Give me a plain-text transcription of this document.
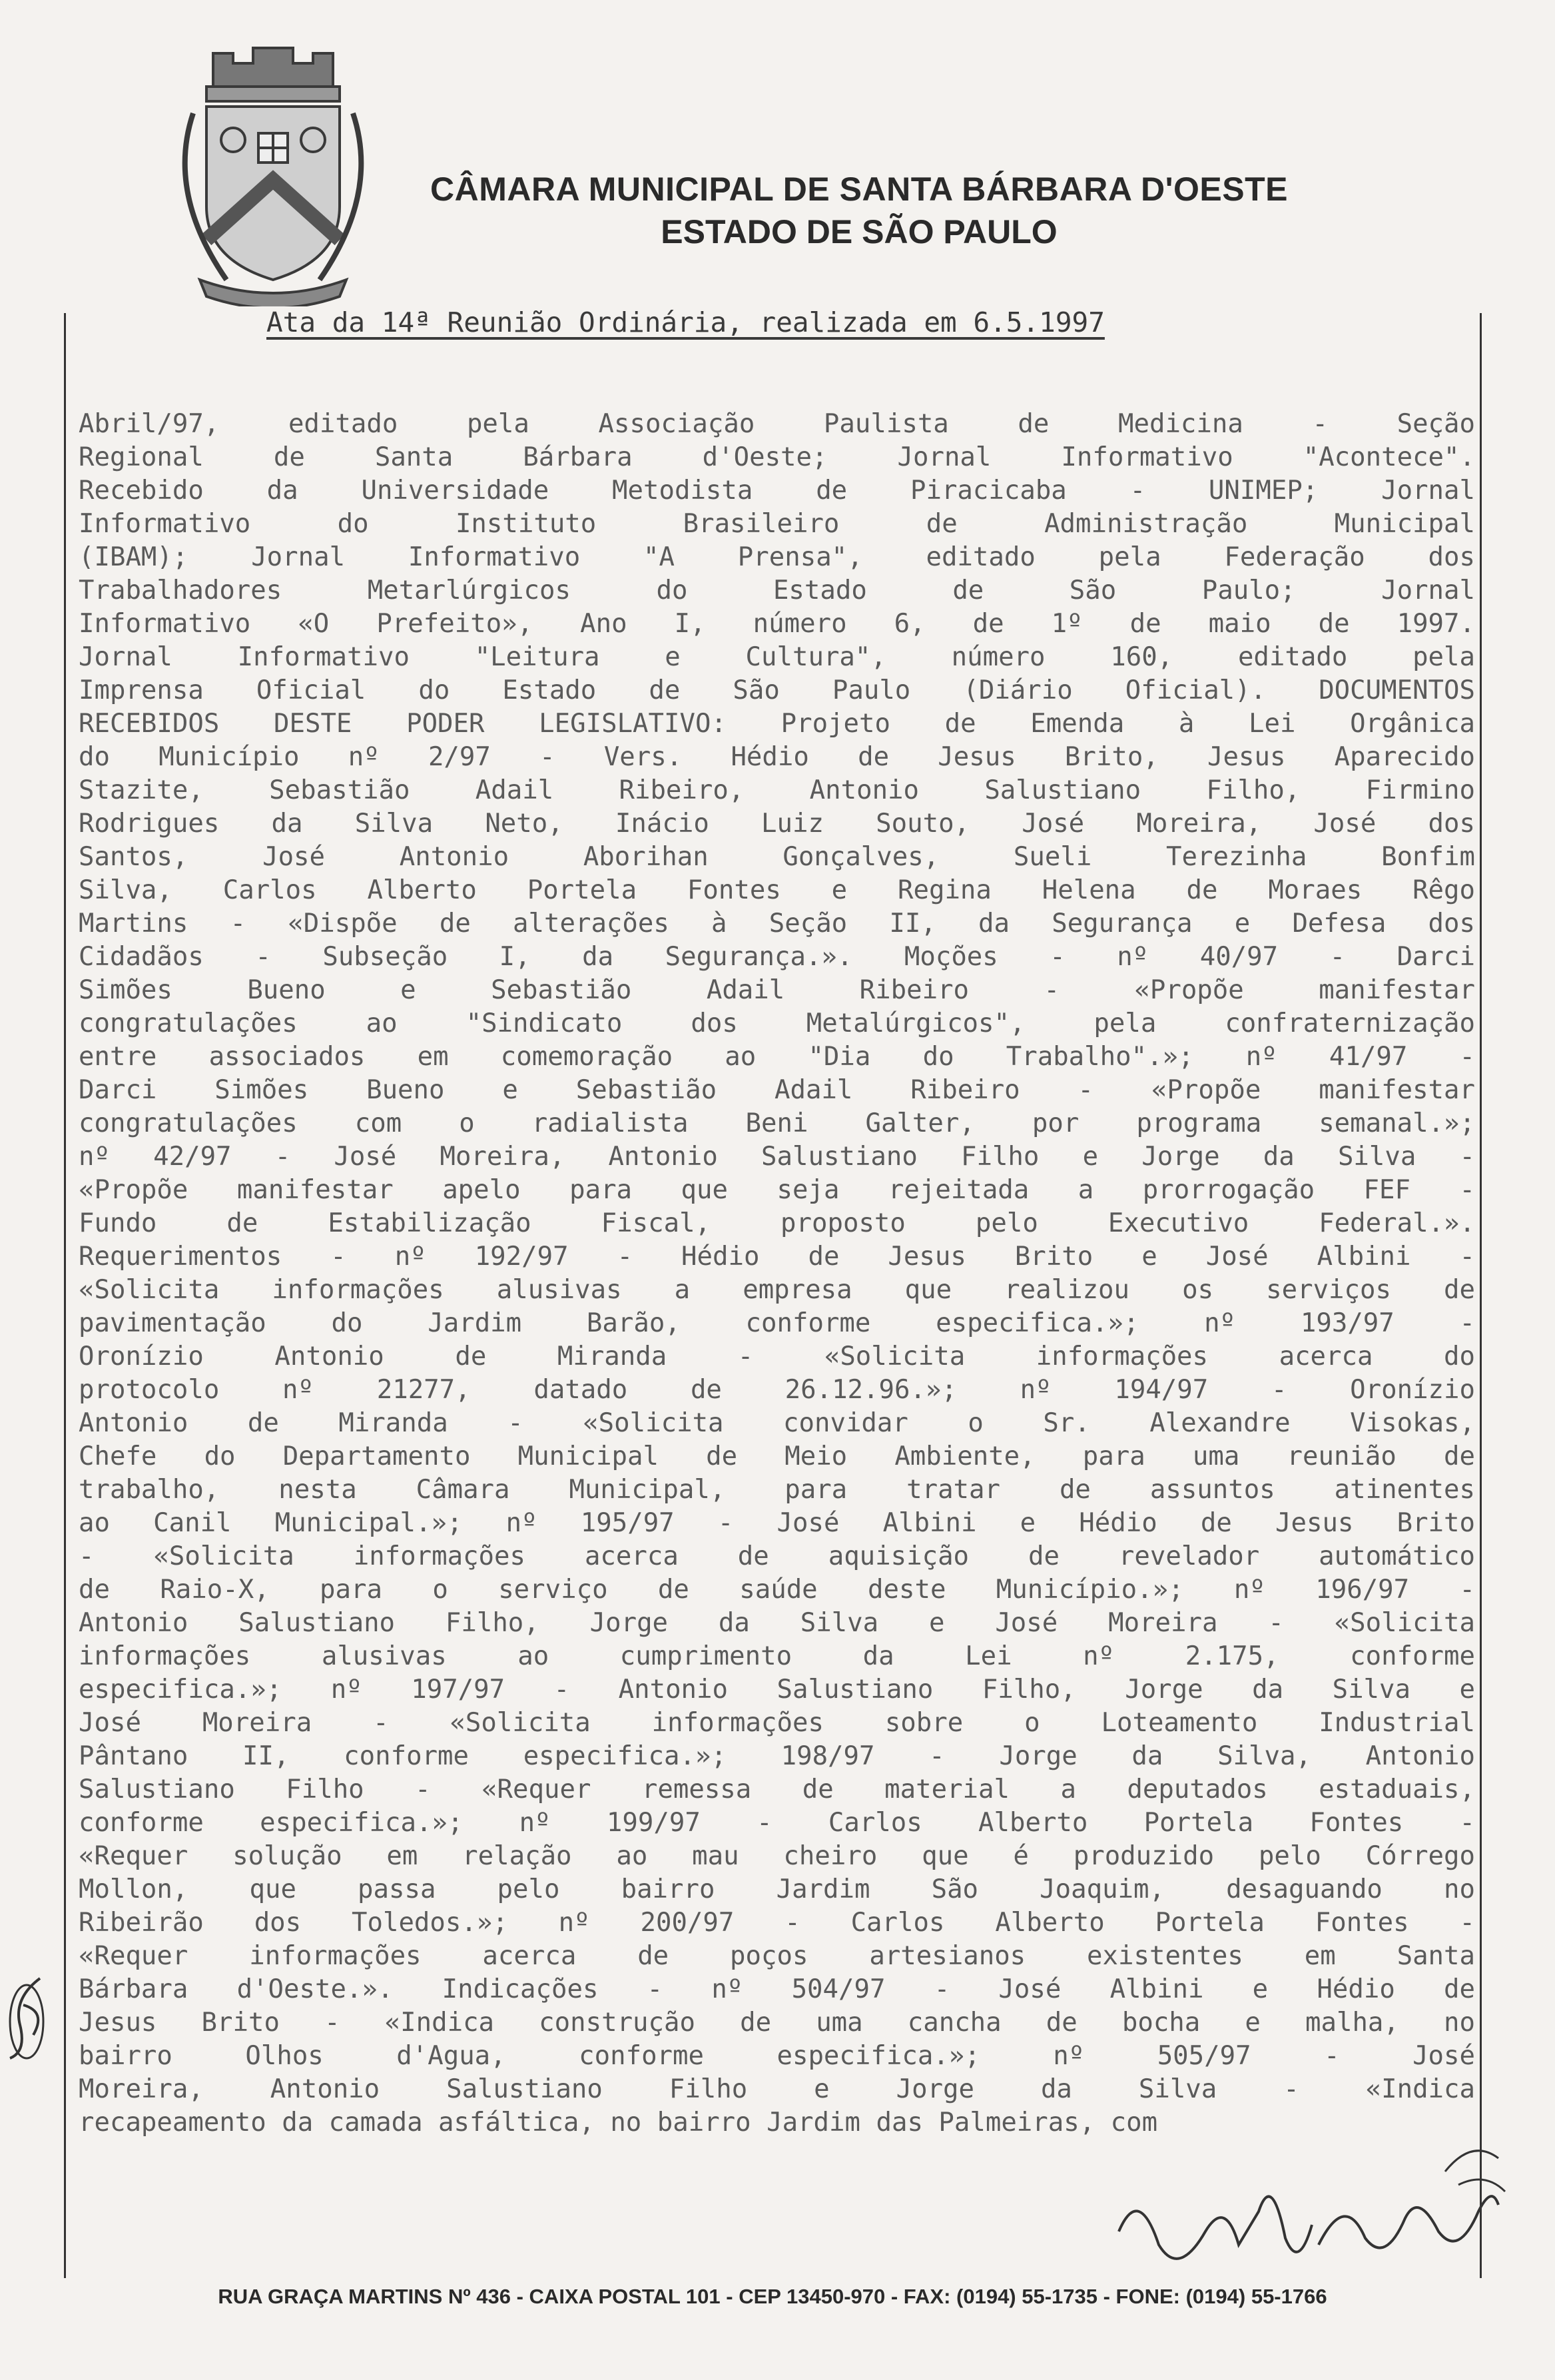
CÂMARA MUNICIPAL DE SANTA BÁRBARA D'OESTE
ESTADO DE SÃO PAULO
Ata da 14ª Reunião Ordinária, realizada em 6.5.1997
Abril/97, editado pela Associação Paulista de Medicina - Seção
Regional de Santa Bárbara d'Oeste; Jornal Informativo "Acontece".
Recebido da Universidade Metodista de Piracicaba - UNIMEP; Jornal
Informativo do Instituto Brasileiro de Administração Municipal
(IBAM); Jornal Informativo "A Prensa", editado pela Federação dos
Trabalhadores Metarlúrgicos do Estado de São Paulo; Jornal
Informativo «O Prefeito», Ano I, número 6, de 1º de maio de 1997.
Jornal Informativo "Leitura e Cultura", número 160, editado pela
Imprensa Oficial do Estado de São Paulo (Diário Oficial). DOCUMENTOS
RECEBIDOS DESTE PODER LEGISLATIVO: Projeto de Emenda à Lei Orgânica
do Município nº 2/97 - Vers. Hédio de Jesus Brito, Jesus Aparecido
Stazite, Sebastião Adail Ribeiro, Antonio Salustiano Filho, Firmino
Rodrigues da Silva Neto, Inácio Luiz Souto, José Moreira, José dos
Santos, José Antonio Aborihan Gonçalves, Sueli Terezinha Bonfim
Silva, Carlos Alberto Portela Fontes e Regina Helena de Moraes Rêgo
Martins - «Dispõe de alterações à Seção II, da Segurança e Defesa dos
Cidadãos - Subseção I, da Segurança.». Moções - nº 40/97 - Darci
Simões Bueno e Sebastião Adail Ribeiro - «Propõe manifestar
congratulações ao "Sindicato dos Metalúrgicos", pela confraternização
entre associados em comemoração ao "Dia do Trabalho".»; nº 41/97 -
Darci Simões Bueno e Sebastião Adail Ribeiro - «Propõe manifestar
congratulações com o radialista Beni Galter, por programa semanal.»;
nº 42/97 - José Moreira, Antonio Salustiano Filho e Jorge da Silva -
«Propõe manifestar apelo para que seja rejeitada a prorrogação FEF -
Fundo de Estabilização Fiscal, proposto pelo Executivo Federal.».
Requerimentos - nº 192/97 - Hédio de Jesus Brito e José Albini -
«Solicita informações alusivas a empresa que realizou os serviços de
pavimentação do Jardim Barão, conforme especifica.»; nº 193/97 -
Oronízio Antonio de Miranda - «Solicita informações acerca do
protocolo nº 21277, datado de 26.12.96.»; nº 194/97 - Oronízio
Antonio de Miranda - «Solicita convidar o Sr. Alexandre Visokas,
Chefe do Departamento Municipal de Meio Ambiente, para uma reunião de
trabalho, nesta Câmara Municipal, para tratar de assuntos atinentes
ao Canil Municipal.»; nº 195/97 - José Albini e Hédio de Jesus Brito
- «Solicita informações acerca de aquisição de revelador automático
de Raio-X, para o serviço de saúde deste Município.»; nº 196/97 -
Antonio Salustiano Filho, Jorge da Silva e José Moreira - «Solicita
informações alusivas ao cumprimento da Lei nº 2.175, conforme
especifica.»; nº 197/97 - Antonio Salustiano Filho, Jorge da Silva e
José Moreira - «Solicita informações sobre o Loteamento Industrial
Pântano II, conforme especifica.»; 198/97 - Jorge da Silva, Antonio
Salustiano Filho - «Requer remessa de material a deputados estaduais,
conforme especifica.»; nº 199/97 - Carlos Alberto Portela Fontes -
«Requer solução em relação ao mau cheiro que é produzido pelo Córrego
Mollon, que passa pelo bairro Jardim São Joaquim, desaguando no
Ribeirão dos Toledos.»; nº 200/97 - Carlos Alberto Portela Fontes -
«Requer informações acerca de poços artesianos existentes em Santa
Bárbara d'Oeste.». Indicações - nº 504/97 - José Albini e Hédio de
Jesus Brito - «Indica construção de uma cancha de bocha e malha, no
bairro Olhos d'Agua, conforme especifica.»; nº 505/97 - José
Moreira, Antonio Salustiano Filho e Jorge da Silva - «Indica
recapeamento da camada asfáltica, no bairro Jardim das Palmeiras, com
RUA GRAÇA MARTINS Nº 436 - CAIXA POSTAL 101 - CEP 13450-970 - FAX: (0194) 55-1735 - FONE: (0194) 55-1766
